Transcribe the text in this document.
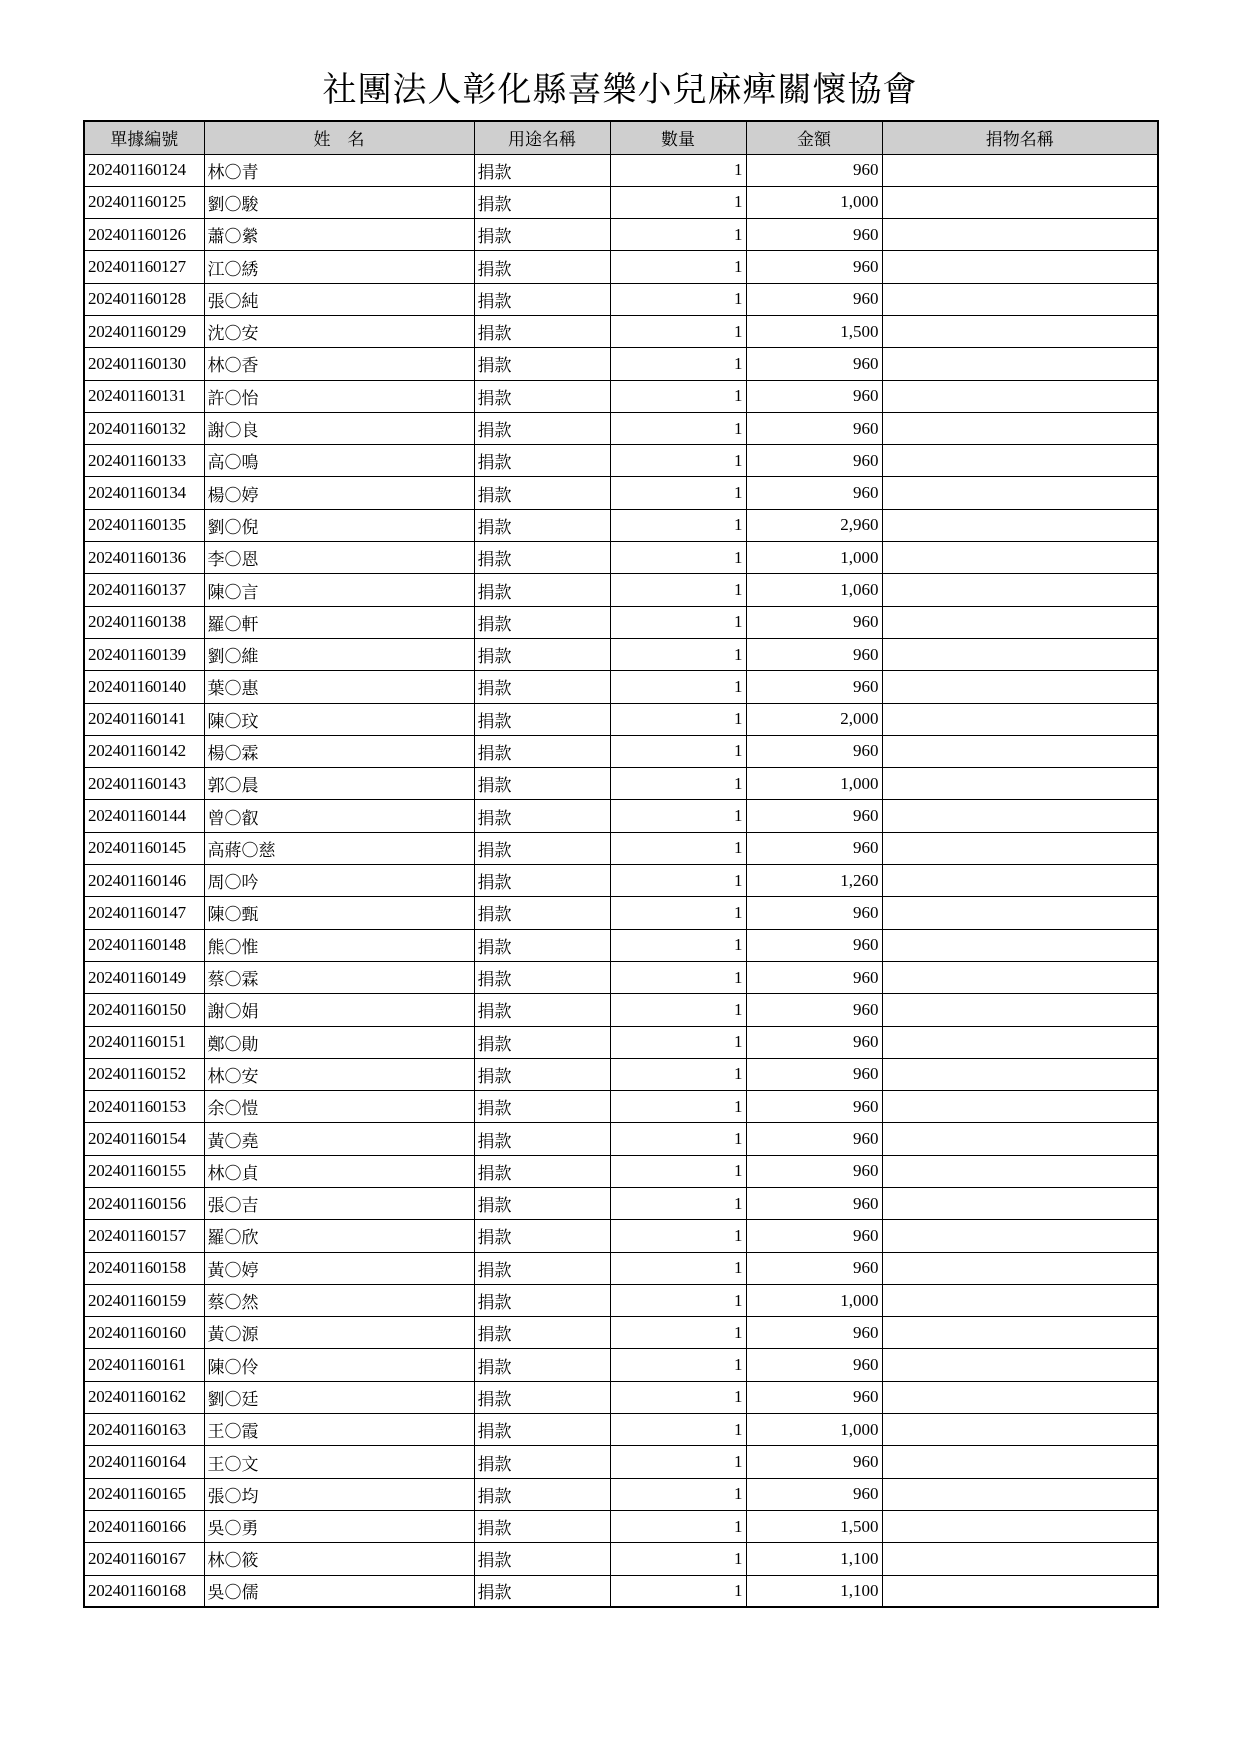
社團法人彰化縣喜樂小兒麻痺關懷協會
單據編號	姓　名	用途名稱	數量	金額	捐物名稱
202401160124	林〇青	捐款	1	960	
202401160125	劉〇駿	捐款	1	1,000	
202401160126	蕭〇縈	捐款	1	960	
202401160127	江〇綉	捐款	1	960	
202401160128	張〇純	捐款	1	960	
202401160129	沈〇安	捐款	1	1,500	
202401160130	林〇香	捐款	1	960	
202401160131	許〇怡	捐款	1	960	
202401160132	謝〇良	捐款	1	960	
202401160133	高〇鳴	捐款	1	960	
202401160134	楊〇婷	捐款	1	960	
202401160135	劉〇倪	捐款	1	2,960	
202401160136	李〇恩	捐款	1	1,000	
202401160137	陳〇言	捐款	1	1,060	
202401160138	羅〇軒	捐款	1	960	
202401160139	劉〇維	捐款	1	960	
202401160140	葉〇惠	捐款	1	960	
202401160141	陳〇玟	捐款	1	2,000	
202401160142	楊〇霖	捐款	1	960	
202401160143	郭〇晨	捐款	1	1,000	
202401160144	曾〇叡	捐款	1	960	
202401160145	高蔣〇慈	捐款	1	960	
202401160146	周〇吟	捐款	1	1,260	
202401160147	陳〇甄	捐款	1	960	
202401160148	熊〇惟	捐款	1	960	
202401160149	蔡〇霖	捐款	1	960	
202401160150	謝〇娟	捐款	1	960	
202401160151	鄭〇勛	捐款	1	960	
202401160152	林〇安	捐款	1	960	
202401160153	余〇愷	捐款	1	960	
202401160154	黃〇堯	捐款	1	960	
202401160155	林〇貞	捐款	1	960	
202401160156	張〇吉	捐款	1	960	
202401160157	羅〇欣	捐款	1	960	
202401160158	黃〇婷	捐款	1	960	
202401160159	蔡〇然	捐款	1	1,000	
202401160160	黃〇源	捐款	1	960	
202401160161	陳〇伶	捐款	1	960	
202401160162	劉〇廷	捐款	1	960	
202401160163	王〇霞	捐款	1	1,000	
202401160164	王〇文	捐款	1	960	
202401160165	張〇均	捐款	1	960	
202401160166	吳〇勇	捐款	1	1,500	
202401160167	林〇筱	捐款	1	1,100	
202401160168	吳〇儒	捐款	1	1,100	
